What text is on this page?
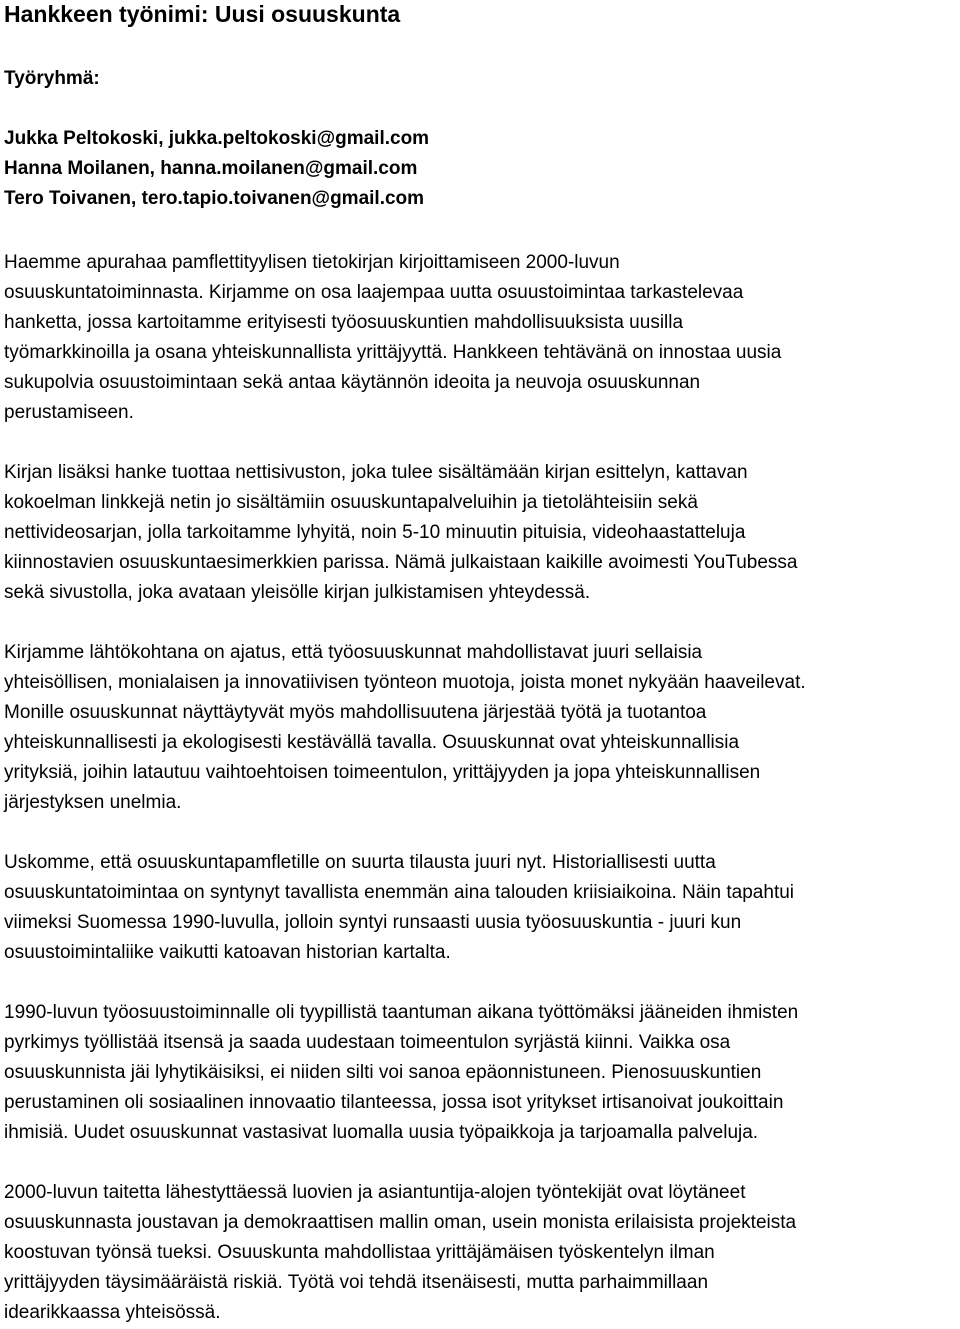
Hankkeen työnimi: Uusi osuuskunta
Työryhmä:
Jukka Peltokoski, jukka.peltokoski@gmail.com
Hanna Moilanen, hanna.moilanen@gmail.com
Tero Toivanen, tero.tapio.toivanen@gmail.com

Haemme apurahaa pamflettityylisen tietokirjan kirjoittamiseen 2000-luvun
osuuskuntatoiminnasta. Kirjamme on osa laajempaa uutta osuustoimintaa tarkastelevaa
hanketta, jossa kartoitamme erityisesti työosuuskuntien mahdollisuuksista uusilla
työmarkkinoilla ja osana yhteiskunnallista yrittäjyyttä. Hankkeen tehtävänä on innostaa uusia
sukupolvia osuustoimintaan sekä antaa käytännön ideoita ja neuvoja osuuskunnan
perustamiseen.

Kirjan lisäksi hanke tuottaa nettisivuston, joka tulee sisältämään kirjan esittelyn, kattavan
kokoelman linkkejä netin jo sisältämiin osuuskuntapalveluihin ja tietolähteisiin sekä
nettivideosarjan, jolla tarkoitamme lyhyitä, noin 5-10 minuutin pituisia, videohaastatteluja
kiinnostavien osuuskuntaesimerkkien parissa. Nämä julkaistaan kaikille avoimesti YouTubessa
sekä sivustolla, joka avataan yleisölle kirjan julkistamisen yhteydessä.

Kirjamme lähtökohtana on ajatus, että työosuuskunnat mahdollistavat juuri sellaisia
yhteisöllisen, monialaisen ja innovatiivisen työnteon muotoja, joista monet nykyään haaveilevat.
Monille osuuskunnat näyttäytyvät myös mahdollisuutena järjestää työtä ja tuotantoa
yhteiskunnallisesti ja ekologisesti kestävällä tavalla. Osuuskunnat ovat yhteiskunnallisia
yrityksiä, joihin latautuu vaihtoehtoisen toimeentulon, yrittäjyyden ja jopa yhteiskunnallisen
järjestyksen unelmia.

Uskomme, että osuuskuntapamfletille on suurta tilausta juuri nyt. Historiallisesti uutta
osuuskuntatoimintaa on syntynyt tavallista enemmän aina talouden kriisiaikoina. Näin tapahtui
viimeksi Suomessa 1990-luvulla, jolloin syntyi runsaasti uusia työosuuskuntia - juuri kun
osuustoimintaliike vaikutti katoavan historian kartalta.

1990-luvun työosuustoiminnalle oli tyypillistä taantuman aikana työttömäksi jääneiden ihmisten
pyrkimys työllistää itsensä ja saada uudestaan toimeentulon syrjästä kiinni. Vaikka osa
osuuskunnista jäi lyhytikäisiksi, ei niiden silti voi sanoa epäonnistuneen. Pienosuuskuntien
perustaminen oli sosiaalinen innovaatio tilanteessa, jossa isot yritykset irtisanoivat joukoittain
ihmisiä. Uudet osuuskunnat vastasivat luomalla uusia työpaikkoja ja tarjoamalla palveluja.

2000-luvun taitetta lähestyttäessä luovien ja asiantuntija-alojen työntekijät ovat löytäneet
osuuskunnasta joustavan ja demokraattisen mallin oman, usein monista erilaisista projekteista
koostuvan työnsä tueksi. Osuuskunta mahdollistaa yrittäjämäisen työskentelyn ilman
yrittäjyyden täysimääräistä riskiä. Työtä voi tehdä itsenäisesti, mutta parhaimmillaan
idearikkaassa yhteisössä.
